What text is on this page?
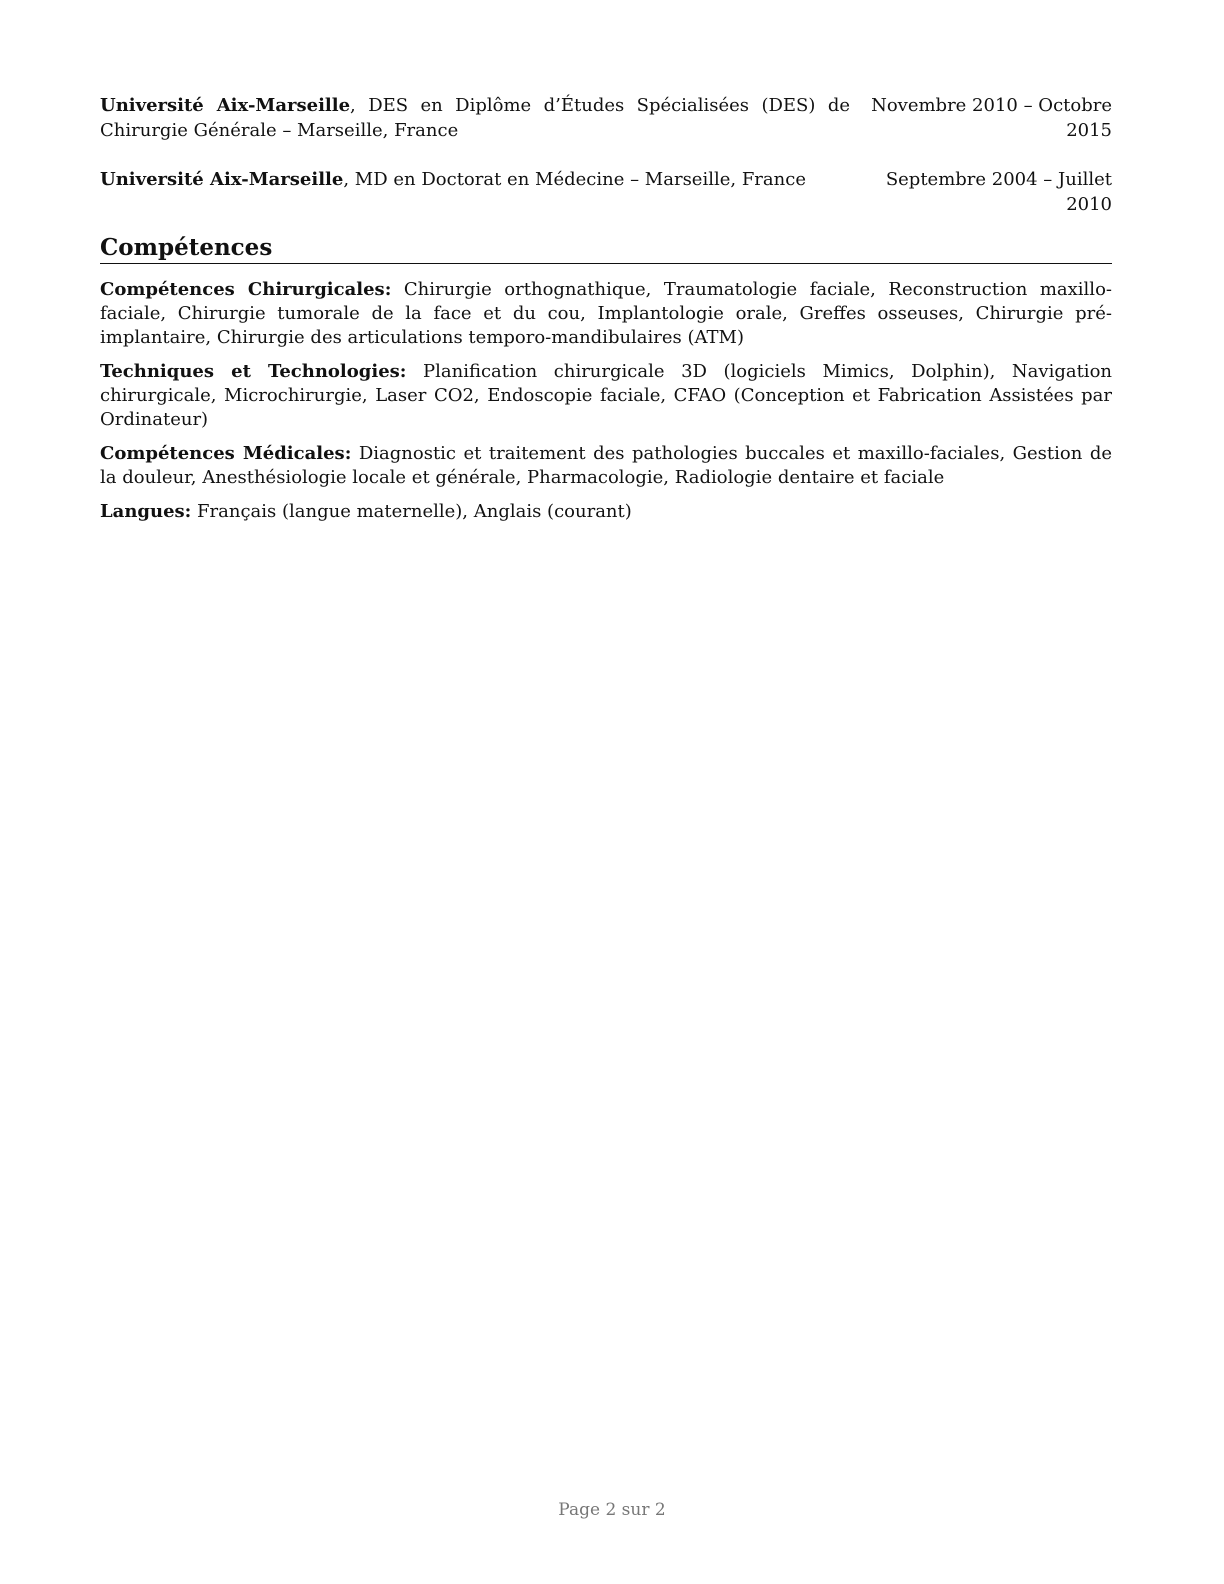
Université Aix-Marseille, DES en Diplôme d’Études Spécialisées (DES) de Chirurgie Générale – Marseille, France
Novembre 2010 – Octobre 2015
Université Aix-Marseille, MD en Doctorat en Médecine – Marseille, France	Septembre 2004 – Juillet 2010
Compétences
Compétences Chirurgicales: Chirurgie orthognathique, Traumatologie faciale, Reconstruction maxillo-faciale, Chirurgie tumorale de la face et du cou, Implantologie orale, Greffes osseuses, Chirurgie pré-implantaire, Chirurgie des articulations temporo-mandibulaires (ATM)
Techniques et Technologies: Planification chirurgicale 3D (logiciels Mimics, Dolphin), Navigation chirurgicale, Microchirurgie, Laser CO2, Endoscopie faciale, CFAO (Conception et Fabrication Assistées par Ordinateur)
Compétences Médicales: Diagnostic et traitement des pathologies buccales et maxillo-faciales, Gestion de la douleur, Anesthésiologie locale et générale, Pharmacologie, Radiologie dentaire et faciale
Langues: Français (langue maternelle), Anglais (courant)
Page 2 sur 2
